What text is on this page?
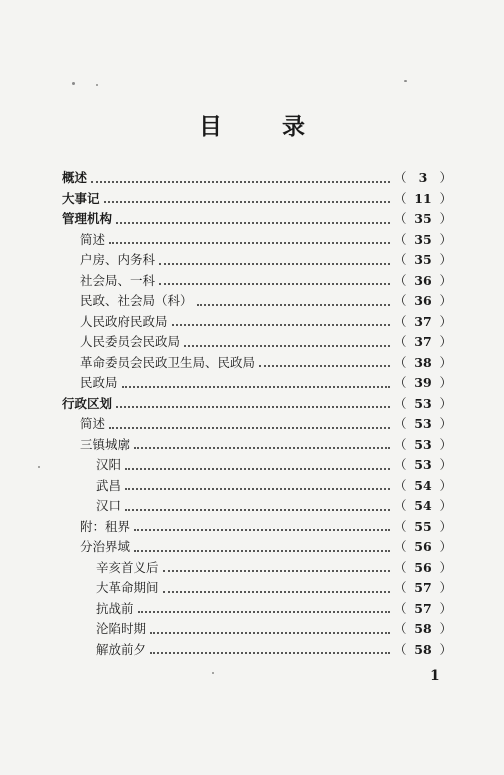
目 录
概述	（ 3 ）
大事记	（ 11 ）
管理机构	（ 35 ）
简述	（ 35 ）
户房、内务科	（ 35 ）
社会局、一科	（ 36 ）
民政、社会局（科）	（ 36 ）
人民政府民政局	（ 37 ）
人民委员会民政局	（ 37 ）
革命委员会民政卫生局、民政局	（ 38 ）
民政局	（ 39 ）
行政区划	（ 53 ）
简述	（ 53 ）
三镇城廓	（ 53 ）
汉阳	（ 53 ）
武昌	（ 54 ）
汉口	（ 54 ）
附：租界	（ 55 ）
分治界域	（ 56 ）
辛亥首义后	（ 56 ）
大革命期间	（ 57 ）
抗战前	（ 57 ）
沦陷时期	（ 58 ）
解放前夕	（ 58 ）
1
